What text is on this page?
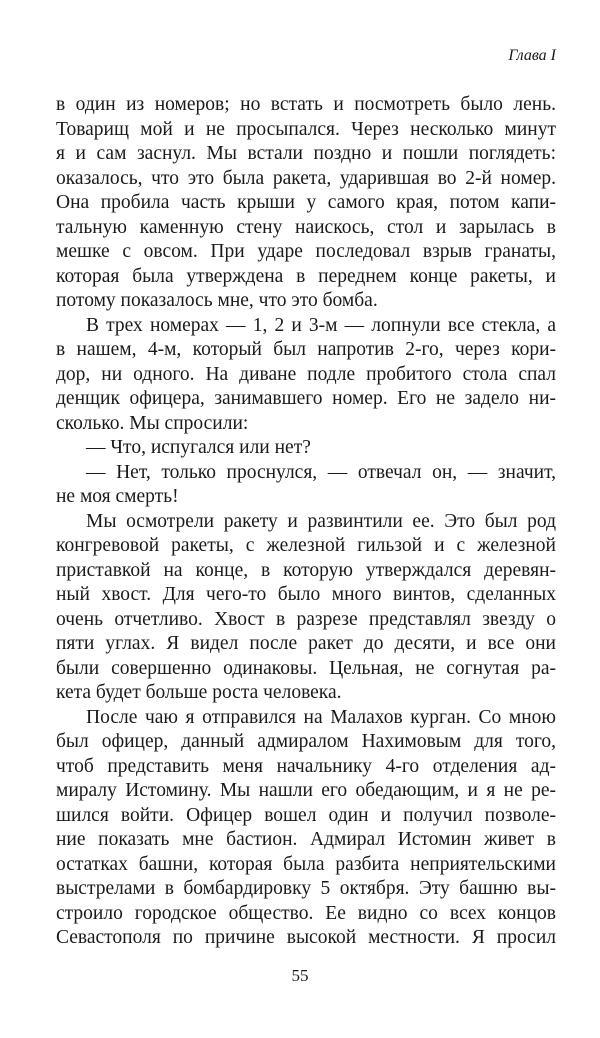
Глава I
в один из номеров; но встать и посмотреть было лень.
Товарищ мой и не просыпался. Через несколько минут
я и сам заснул. Мы встали поздно и пошли поглядеть:
оказалось, что это была ракета, ударившая во 2-й номер.
Она пробила часть крыши у самого края, потом капи-
тальную каменную стену наискось, стол и зарылась в
мешке с овсом. При ударе последовал взрыв гранаты,
которая была утверждена в переднем конце ракеты, и
потому показалось мне, что это бомба.
В трех номерах — 1, 2 и 3-м — лопнули все стекла, а
в нашем, 4-м, который был напротив 2-го, через кори-
дор, ни одного. На диване подле пробитого стола спал
денщик офицера, занимавшего номер. Его не задело ни-
сколько. Мы спросили:
— Что, испугался или нет?
— Нет, только проснулся, — отвечал он, — значит,
не моя смерть!
Мы осмотрели ракету и развинтили ее. Это был род
конгревовой ракеты, с железной гильзой и с железной
приставкой на конце, в которую утверждался деревян-
ный хвост. Для чего-то было много винтов, сделанных
очень отчетливо. Хвост в разрезе представлял звезду о
пяти углах. Я видел после ракет до десяти, и все они
были совершенно одинаковы. Цельная, не согнутая ра-
кета будет больше роста человека.
После чаю я отправился на Малахов курган. Со мною
был офицер, данный адмиралом Нахимовым для того,
чтоб представить меня начальнику 4-го отделения ад-
миралу Истомину. Мы нашли его обедающим, и я не ре-
шился войти. Офицер вошел один и получил позволе-
ние показать мне бастион. Адмирал Истомин живет в
остатках башни, которая была разбита неприятельскими
выстрелами в бомбардировку 5 октября. Эту башню вы-
строило городское общество. Ее видно со всех концов
Севастополя по причине высокой местности. Я просил
55
